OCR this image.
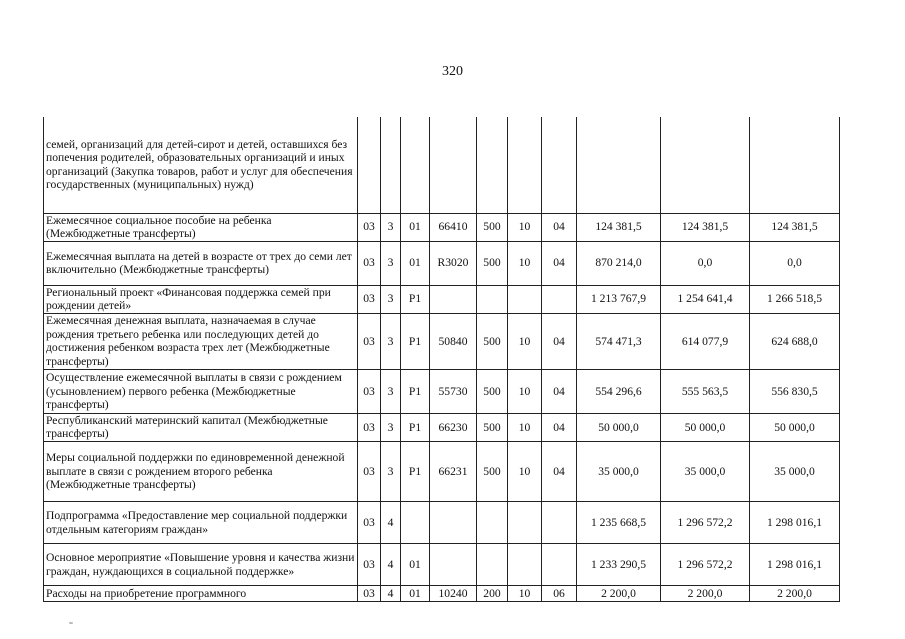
320
семей, организаций для детей-сирот и детей, оставшихся без попечения родителей, образовательных организаций и иных организаций (Закупка товаров, работ и услуг для обеспечения государственных (муниципальных) нужд)										
Ежемесячное социальное пособие на ребенка (Межбюджетные трансферты)	03	3	01	66410	500	10	04	124 381,5	124 381,5	124 381,5
Ежемесячная выплата на детей в возрасте от трех до семи лет включительно (Межбюджетные трансферты)	03	3	01	R3020	500	10	04	870 214,0	0,0	0,0
Региональный проект «Финансовая поддержка семей при рождении детей»	03	3	P1					1 213 767,9	1 254 641,4	1 266 518,5
Ежемесячная денежная выплата, назначаемая в случае рождения третьего ребенка или последующих детей до достижения ребенком возраста трех лет (Межбюджетные трансферты)	03	3	P1	50840	500	10	04	574 471,3	614 077,9	624 688,0
Осуществление ежемесячной выплаты в связи с рождением (усыновлением) первого ребенка (Межбюджетные трансферты)	03	3	P1	55730	500	10	04	554 296,6	555 563,5	556 830,5
Республиканский материнский капитал (Межбюджетные трансферты)	03	3	P1	66230	500	10	04	50 000,0	50 000,0	50 000,0
Меры социальной поддержки по единовременной денежной выплате в связи с рождением второго ребенка (Межбюджетные трансферты)	03	3	P1	66231	500	10	04	35 000,0	35 000,0	35 000,0
Подпрограмма «Предоставление мер социальной поддержки отдельным категориям граждан»	03	4						1 235 668,5	1 296 572,2	1 298 016,1
Основное мероприятие «Повышение уровня и качества жизни граждан, нуждающихся в социальной поддержке»	03	4	01					1 233 290,5	1 296 572,2	1 298 016,1
Расходы на приобретение программного	03	4	01	10240	200	10	06	2 200,0	2 200,0	2 200,0
